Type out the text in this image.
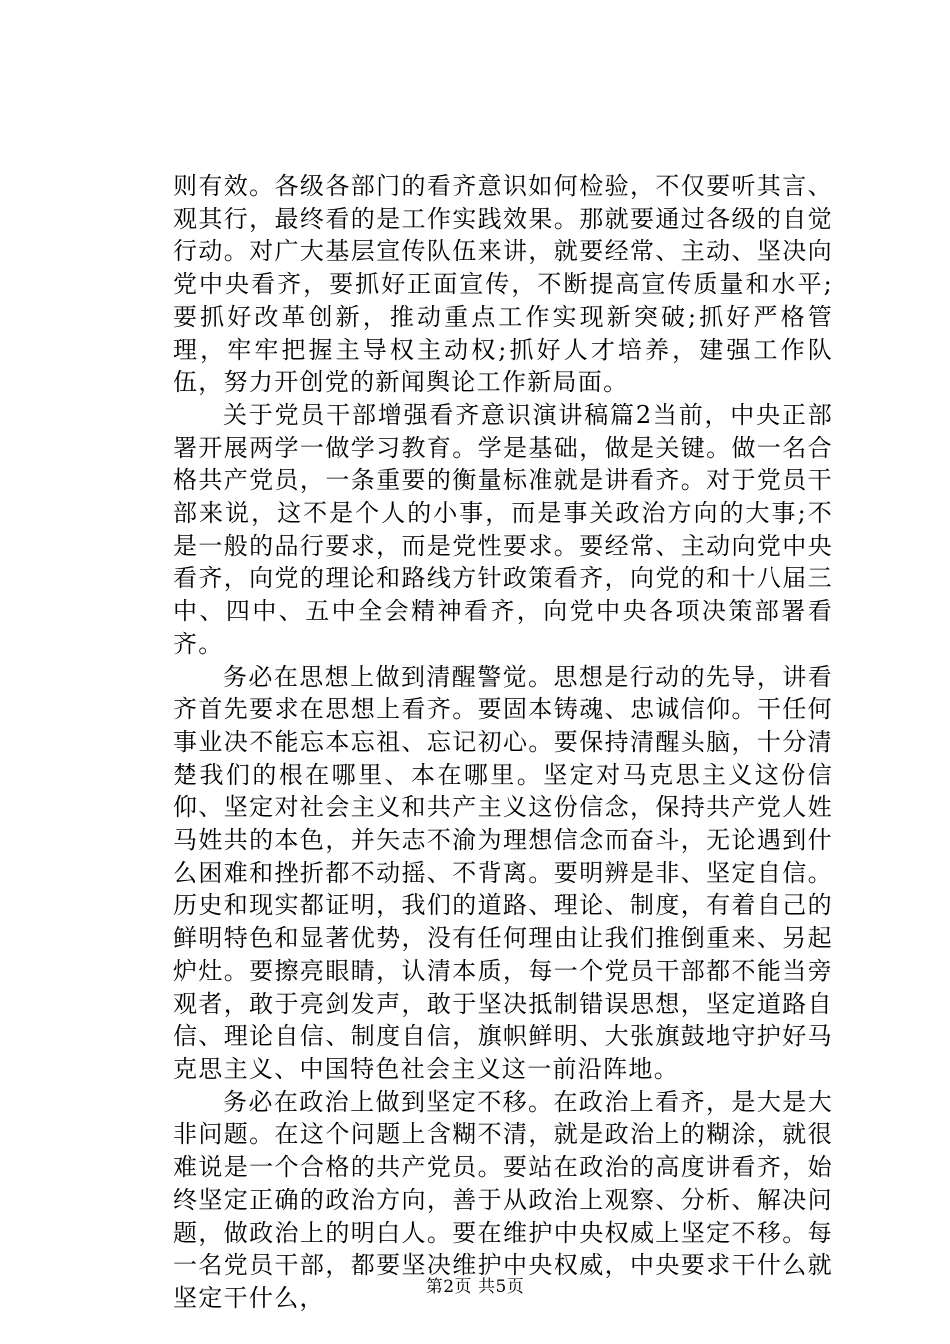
则有效。各级各部门的看齐意识如何检验，不仅要听其言、观其行，最终看的是工作实践效果。那就要通过各级的自觉行动。对广大基层宣传队伍来讲，就要经常、主动、坚决向党中央看齐，要抓好正面宣传，不断提高宣传质量和水平;要抓好改革创新，推动重点工作实现新突破;抓好严格管理，牢牢把握主导权主动权;抓好人才培养，建强工作队伍，努力开创党的新闻舆论工作新局面。

关于党员干部增强看齐意识演讲稿篇2当前，中央正部署开展两学一做学习教育。学是基础，做是关键。做一名合格共产党员，一条重要的衡量标准就是讲看齐。对于党员干部来说，这不是个人的小事，而是事关政治方向的大事;不是一般的品行要求，而是党性要求。要经常、主动向党中央看齐，向党的理论和路线方针政策看齐，向党的和十八届三中、四中、五中全会精神看齐，向党中央各项决策部署看齐。

务必在思想上做到清醒警觉。思想是行动的先导，讲看齐首先要求在思想上看齐。要固本铸魂、忠诚信仰。干任何事业决不能忘本忘祖、忘记初心。要保持清醒头脑，十分清楚我们的根在哪里、本在哪里。坚定对马克思主义这份信仰、坚定对社会主义和共产主义这份信念，保持共产党人姓马姓共的本色，并矢志不渝为理想信念而奋斗，无论遇到什么困难和挫折都不动摇、不背离。要明辨是非、坚定自信。历史和现实都证明，我们的道路、理论、制度，有着自己的鲜明特色和显著优势，没有任何理由让我们推倒重来、另起炉灶。要擦亮眼睛，认清本质，每一个党员干部都不能当旁观者，敢于亮剑发声，敢于坚决抵制错误思想，坚定道路自信、理论自信、制度自信，旗帜鲜明、大张旗鼓地守护好马克思主义、中国特色社会主义这一前沿阵地。

务必在政治上做到坚定不移。在政治上看齐，是大是大非问题。在这个问题上含糊不清，就是政治上的糊涂，就很难说是一个合格的共产党员。要站在政治的高度讲看齐，始终坚定正确的政治方向，善于从政治上观察、分析、解决问题，做政治上的明白人。要在维护中央权威上坚定不移。每一名党员干部，都要坚决维护中央权威，中央要求干什么就坚定干什么，	第2页 共5页
